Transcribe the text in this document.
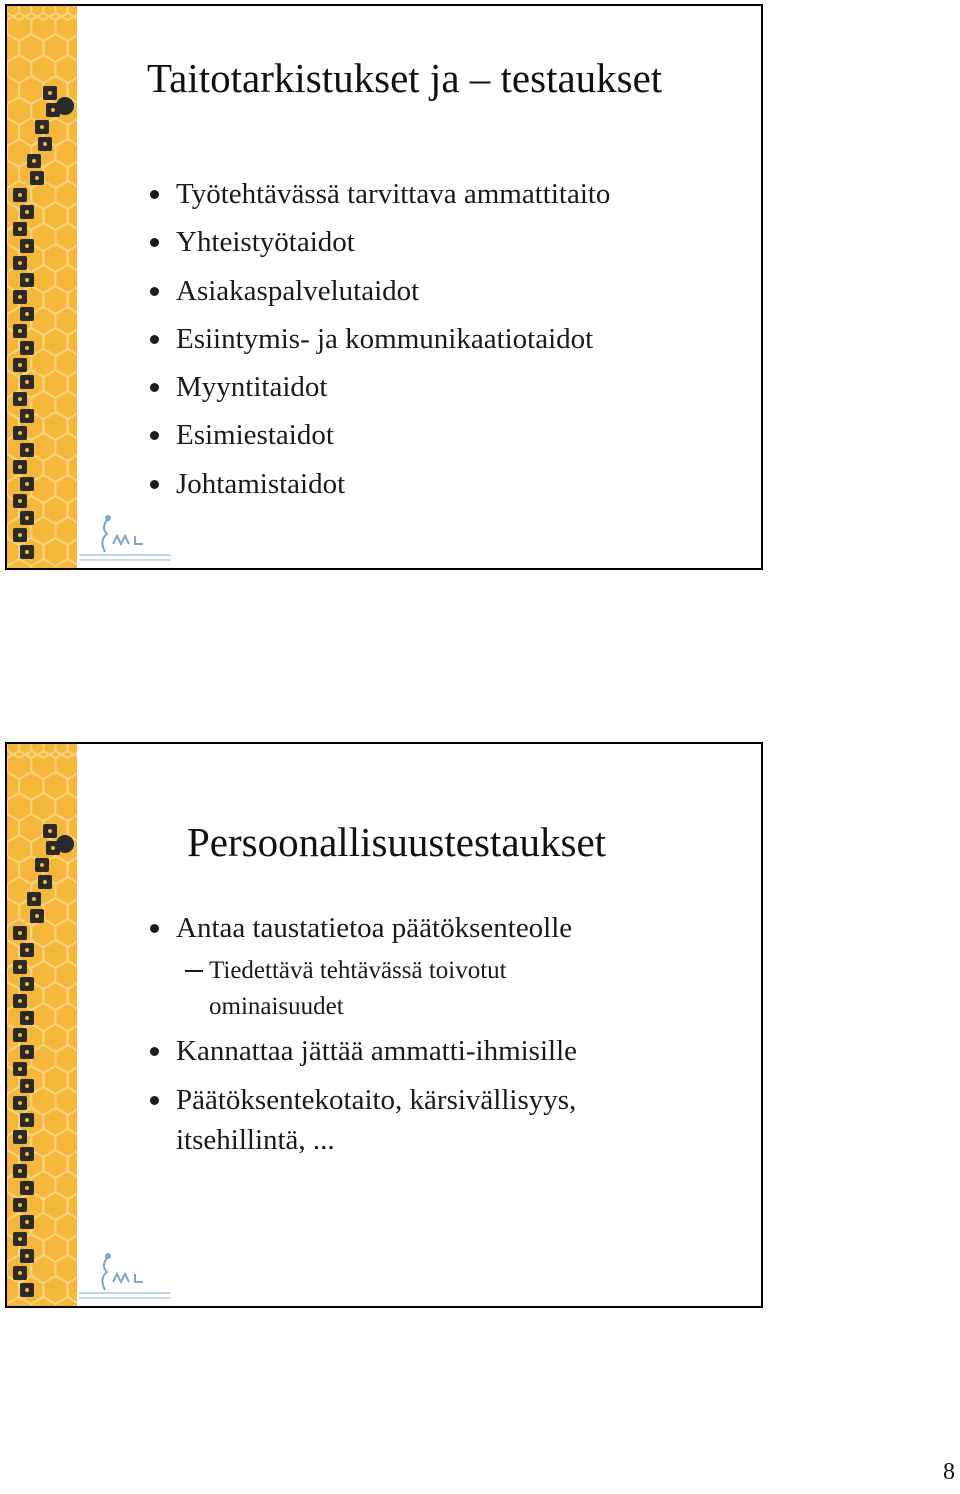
Taitotarkistukset ja – testaukset
Työtehtävässä tarvittava ammattitaito
Yhteistyötaidot
Asiakaspalvelutaidot
Esiintymis- ja kommunikaatiotaidot
Myyntitaidot
Esimiestaidot
Johtamistaidot
Persoonallisuustestaukset
Antaa taustatietoa päätöksenteolle
Tiedettävä tehtävässä toivotut ominaisuudet
Kannattaa jättää ammatti-ihmisille
Päätöksentekotaito, kärsivällisyys, itsehillintä, ...
8
